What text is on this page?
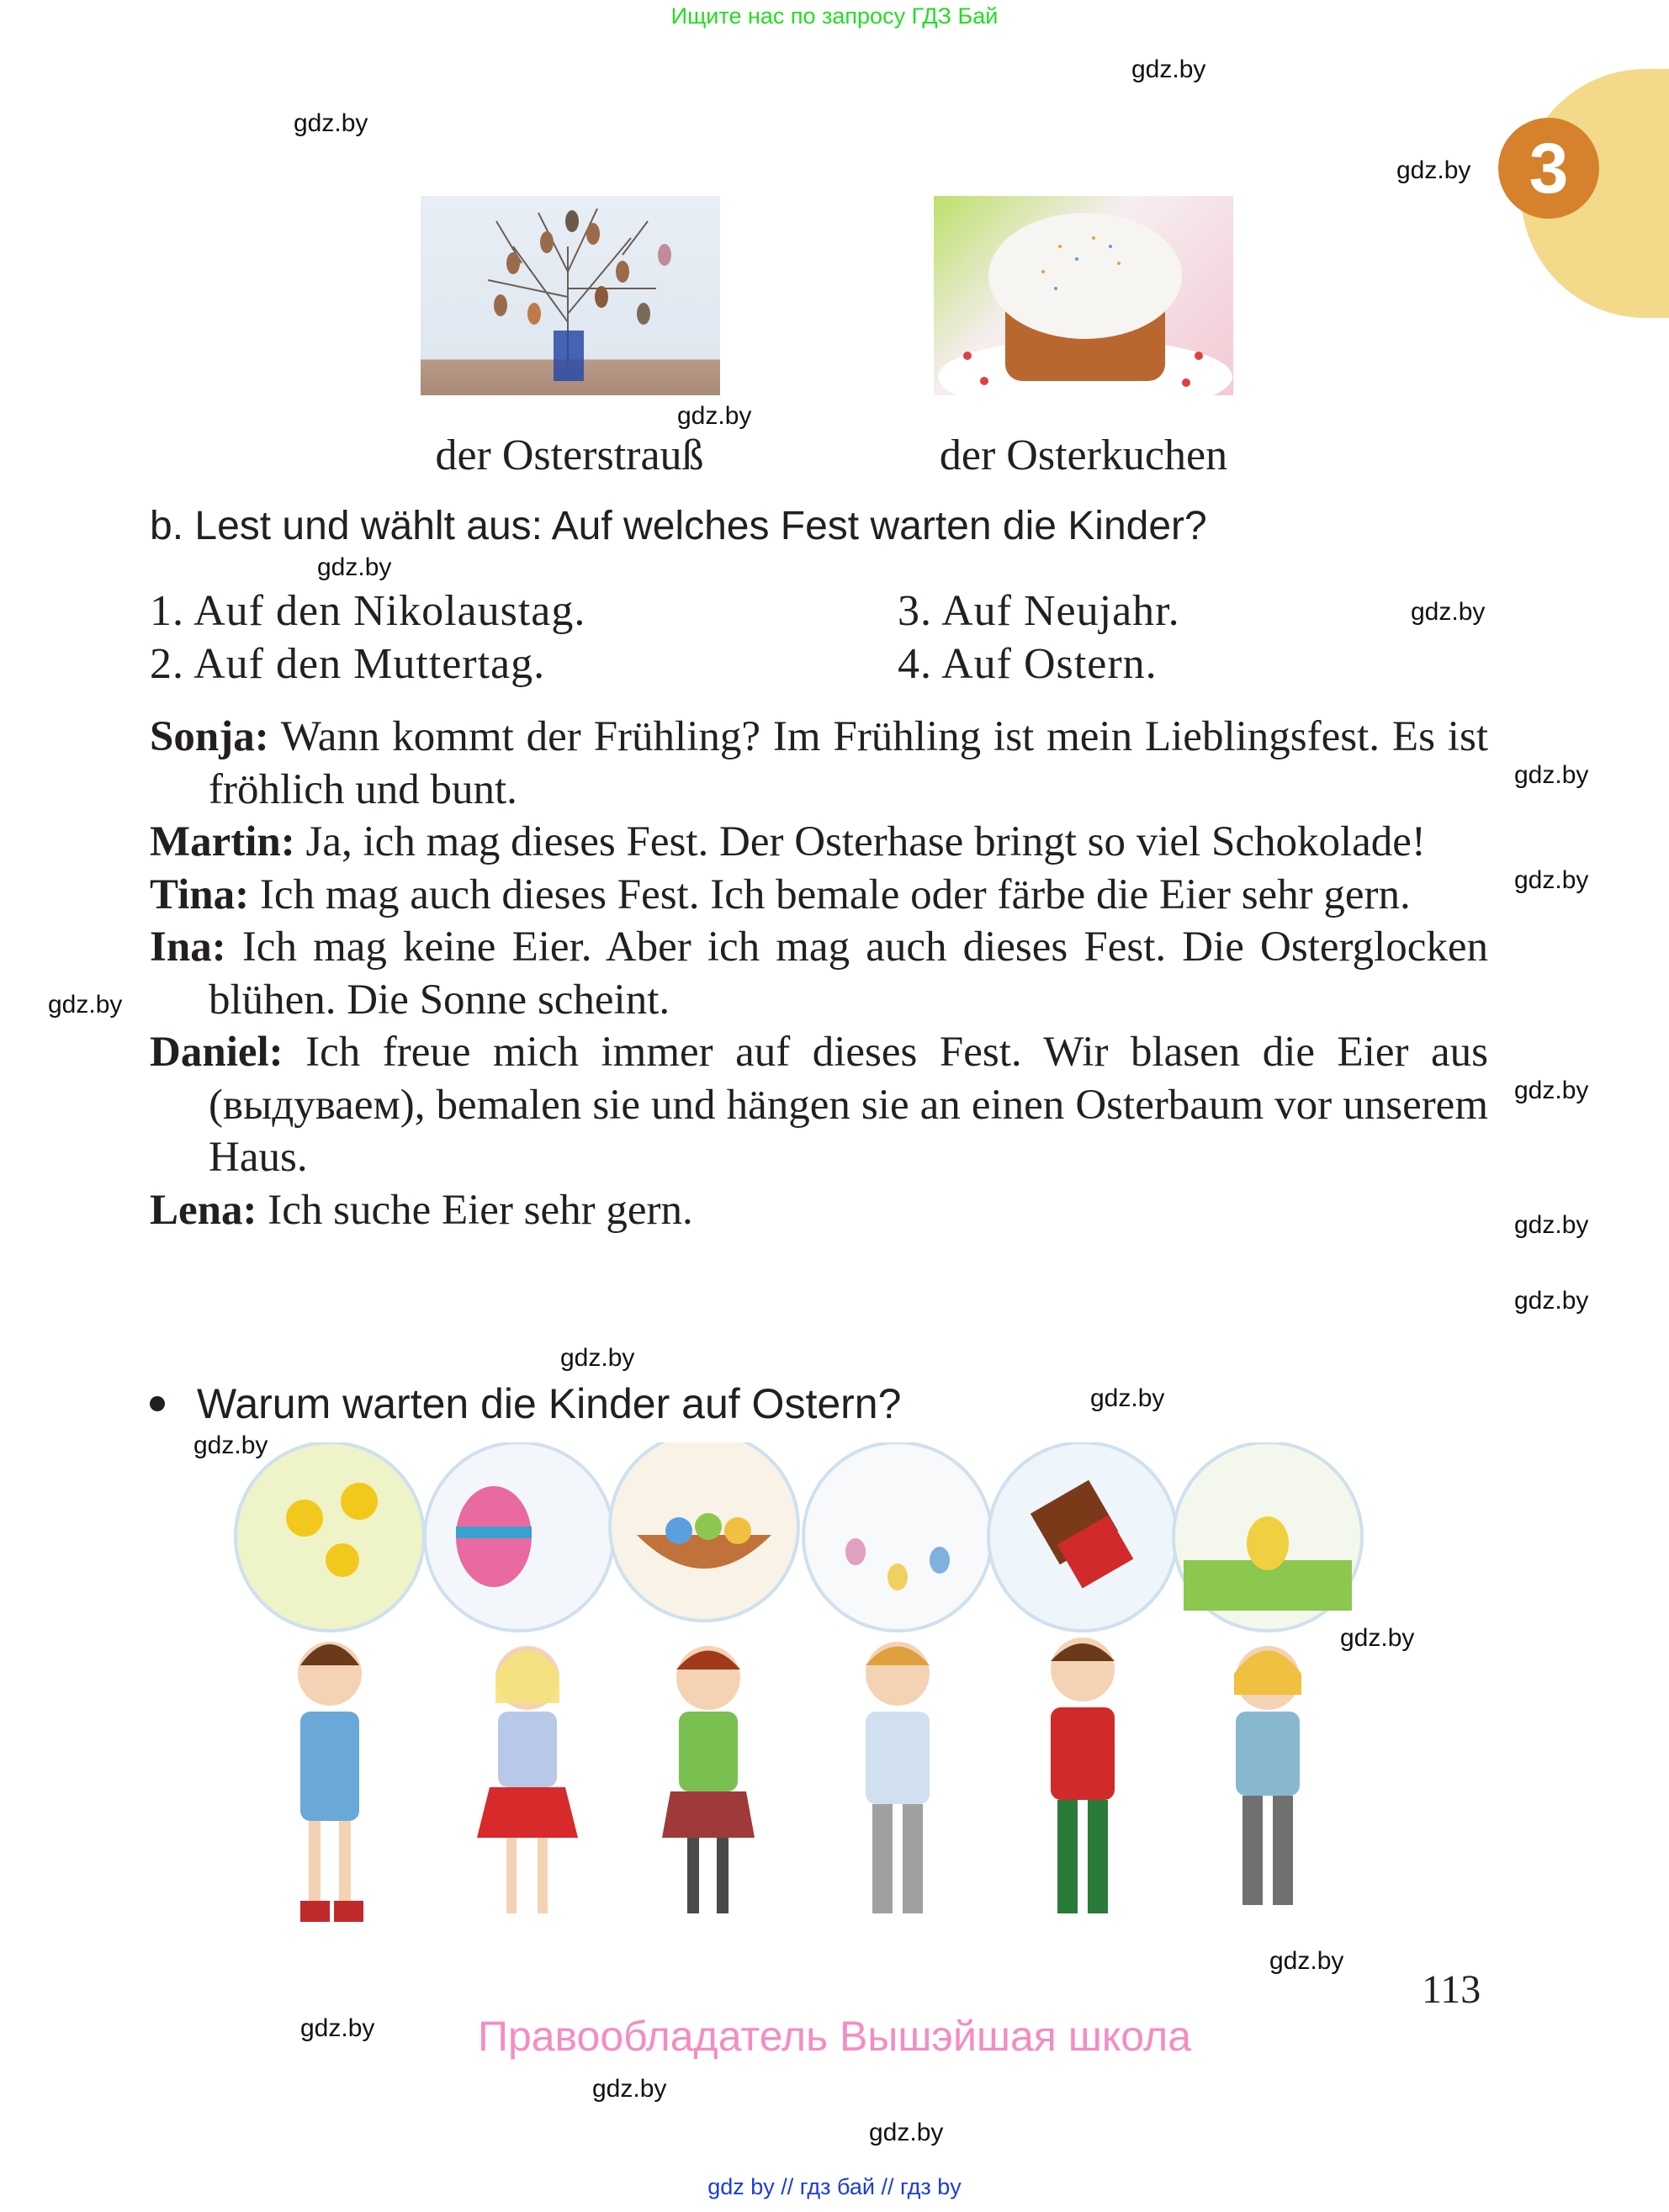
Ищите нас по запросу ГДЗ Бай
3
gdz.by
gdz.by
gdz.by
gdz.by
gdz.by
gdz.by
gdz.by
gdz.by
gdz.by
gdz.by
gdz.by
gdz.by
gdz.by
gdz.by
gdz.by
gdz.by
gdz.by
gdz.by
gdz.by
gdz.by
der Osterstrauß	der Osterkuchen
b. Lest und wählt aus: Auf welches Fest warten die Kinder?
1. Auf den Nikolaustag.
2. Auf den Muttertag.
3. Auf Neujahr.
4. Auf Ostern.

Sonja: Wann kommt der Frühling? Im Frühling ist mein Lieblingsfest. Es ist fröhlich und bunt.

Martin: Ja, ich mag dieses Fest. Der Osterhase bringt so viel Schokolade!

Tina: Ich mag auch dieses Fest. Ich bemale oder färbe die Eier sehr gern.

Ina: Ich mag keine Eier. Aber ich mag auch dieses Fest. Die Osterglocken blühen. Die Sonne scheint.

Daniel: Ich freue mich immer auf dieses Fest. Wir blasen die Eier aus (выдуваем), bemalen sie und hängen sie an einen Osterbaum vor unserem Haus.

Lena: Ich suche Eier sehr gern.

Warum warten die Kinder auf Ostern?
113
Правообладатель Вышэйшая школа
gdz by // гдз бай // гдз by
